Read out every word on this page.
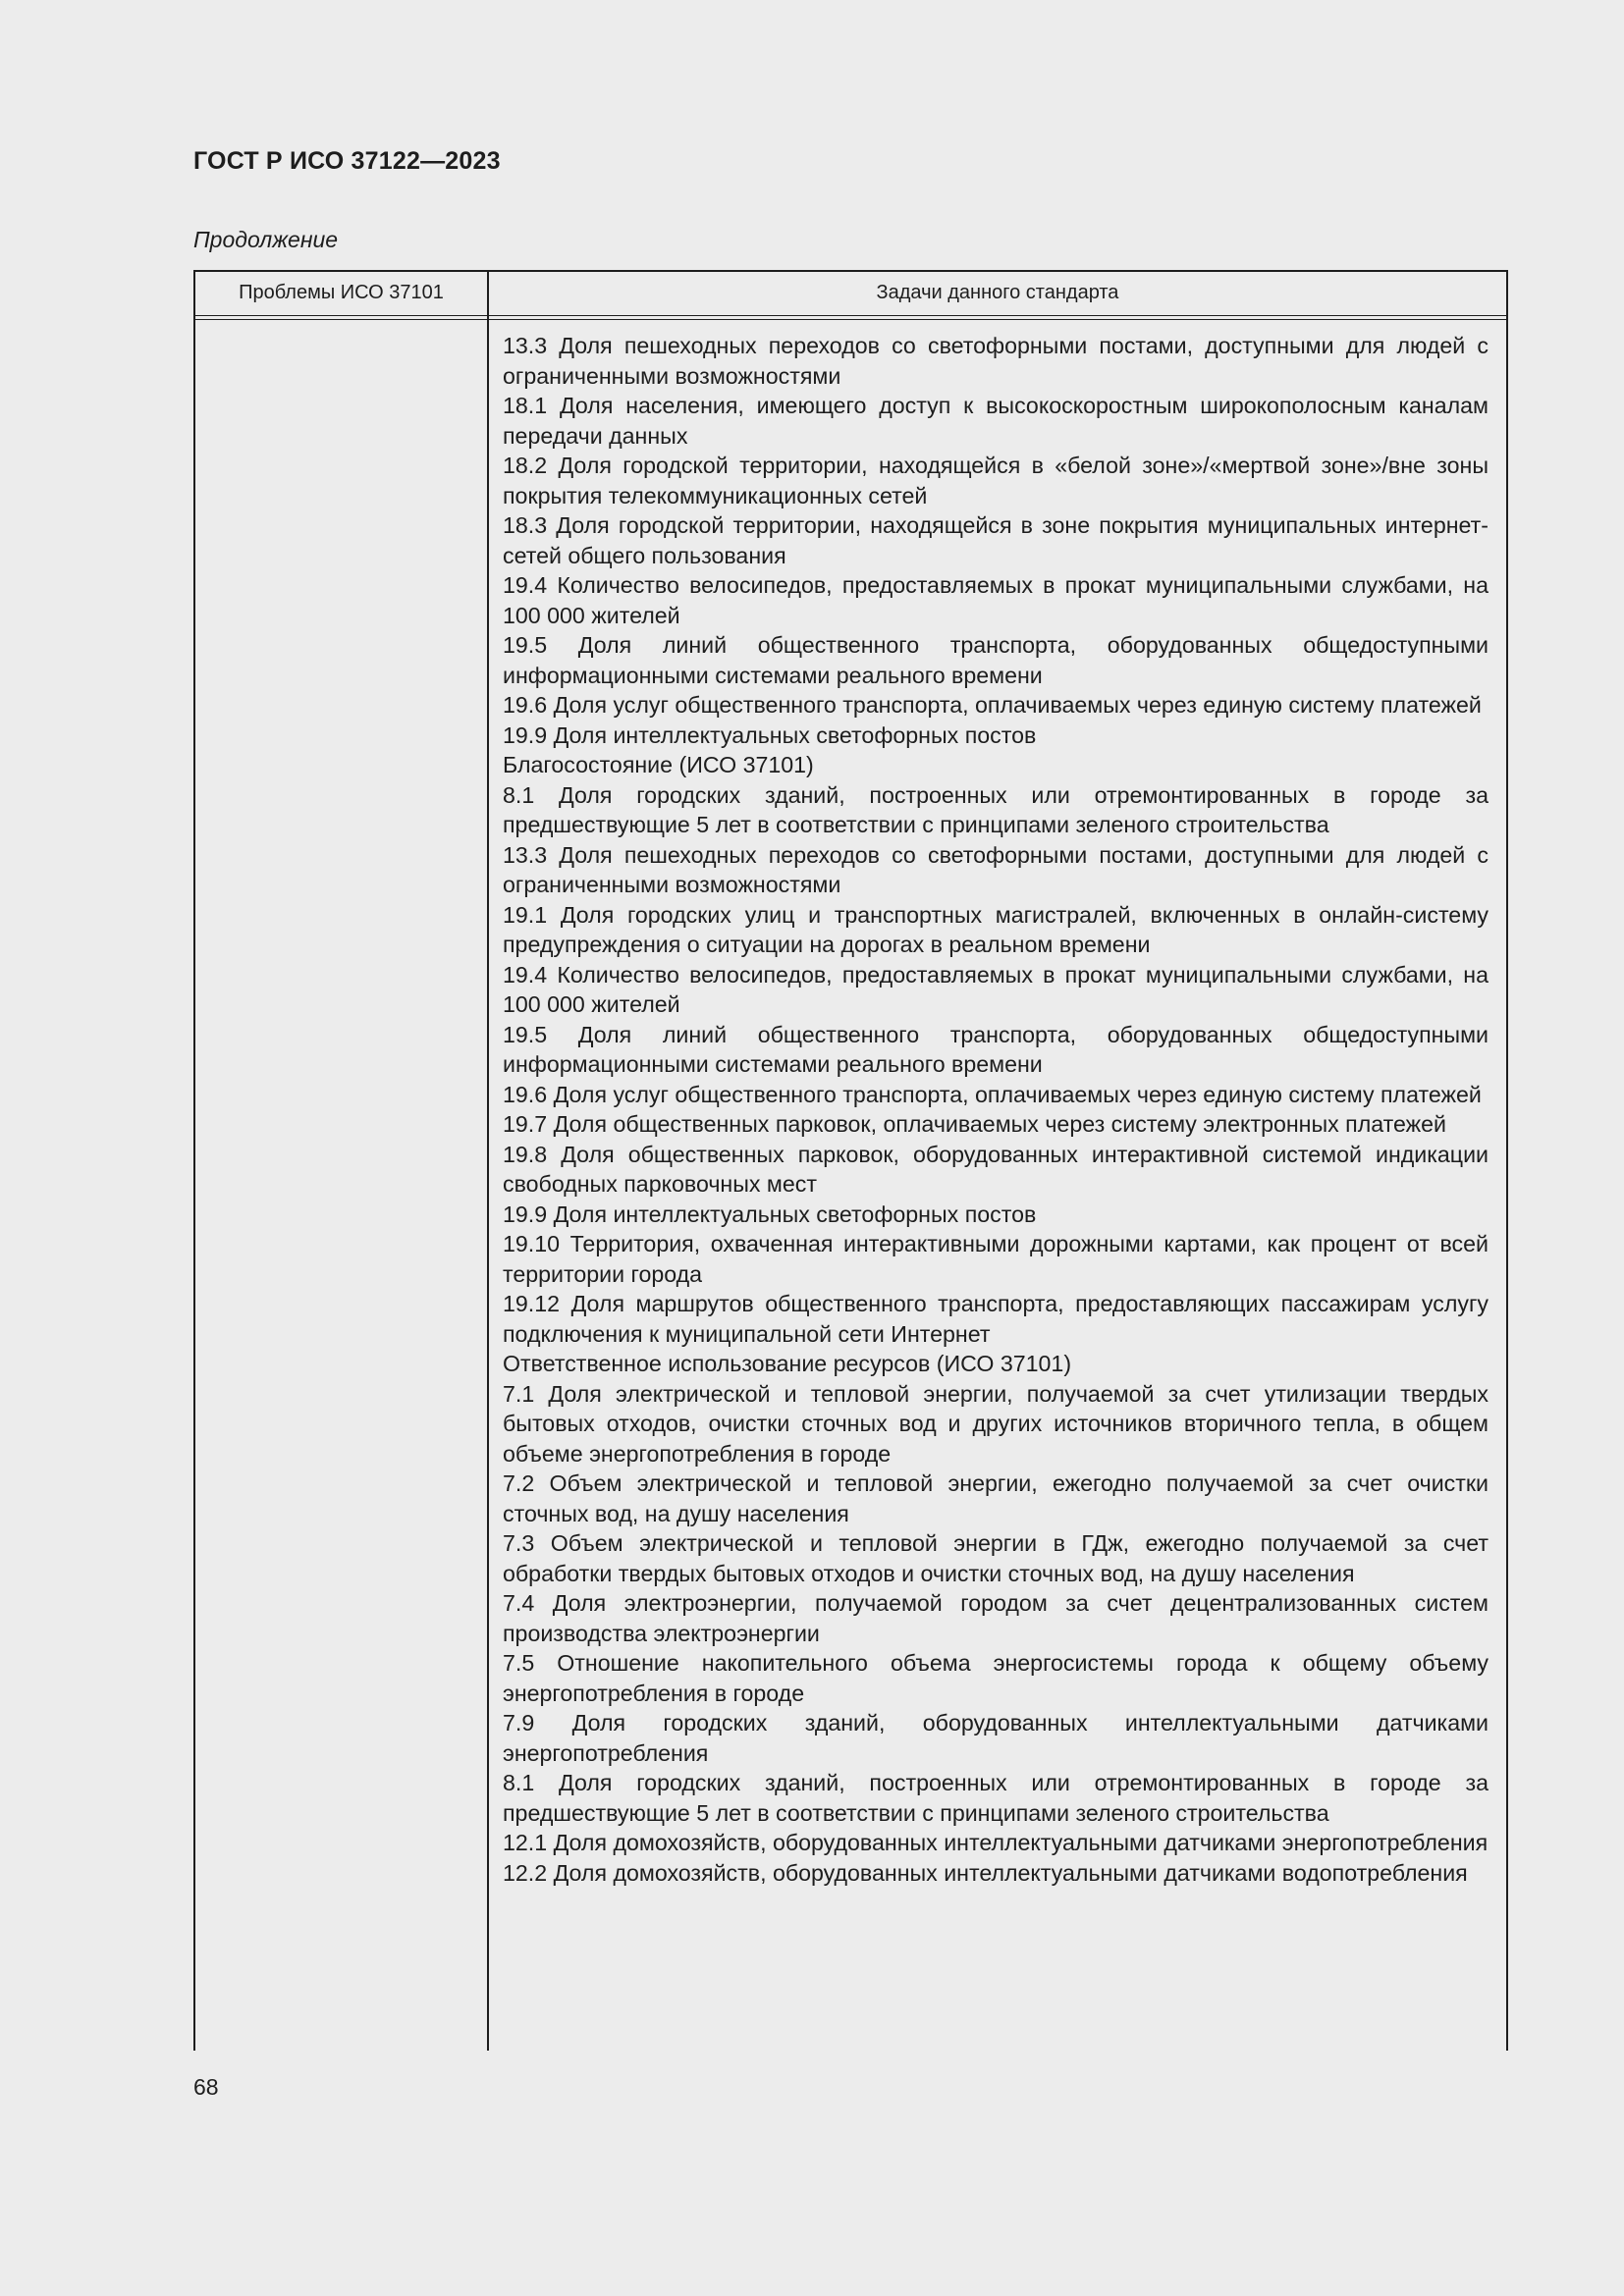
ГОСТ Р ИСО 37122—2023
Продолжение
Проблемы ИСО 37101	Задачи данного стандарта

13.3 Доля пешеходных переходов со светофорными постами, доступными для людей с ограниченными возможностями

18.1 Доля населения, имеющего доступ к высокоскоростным широкополосным каналам передачи данных

18.2 Доля городской территории, находящейся в «белой зоне»/«мертвой зоне»/вне зоны покрытия телекоммуникационных сетей

18.3 Доля городской территории, находящейся в зоне покрытия муниципальных интернет-сетей общего пользования

19.4 Количество велосипедов, предоставляемых в прокат муниципальными службами, на 100 000 жителей

19.5 Доля линий общественного транспорта, оборудованных общедоступными информационными системами реального времени

19.6 Доля услуг общественного транспорта, оплачиваемых через единую систему платежей

19.9 Доля интеллектуальных светофорных постов

Благосостояние (ИСО 37101)

8.1 Доля городских зданий, построенных или отремонтированных в городе за предшествующие 5 лет в соответствии с принципами зеленого строительства

13.3 Доля пешеходных переходов со светофорными постами, доступными для людей с ограниченными возможностями

19.1 Доля городских улиц и транспортных магистралей, включенных в онлайн-систему предупреждения о ситуации на дорогах в реальном времени

19.4 Количество велосипедов, предоставляемых в прокат муниципальными службами, на 100 000 жителей

19.5 Доля линий общественного транспорта, оборудованных общедоступными информационными системами реального времени

19.6 Доля услуг общественного транспорта, оплачиваемых через единую систему платежей

19.7 Доля общественных парковок, оплачиваемых через систему электронных платежей

19.8 Доля общественных парковок, оборудованных интерактивной системой индикации свободных парковочных мест

19.9 Доля интеллектуальных светофорных постов

19.10 Территория, охваченная интерактивными дорожными картами, как процент от всей территории города

19.12 Доля маршрутов общественного транспорта, предоставляющих пассажирам услугу подключения к муниципальной сети Интернет

Ответственное использование ресурсов (ИСО 37101)

7.1 Доля электрической и тепловой энергии, получаемой за счет утилизации твердых бытовых отходов, очистки сточных вод и других источников вторичного тепла, в общем объеме энергопотребления в городе

7.2 Объем электрической и тепловой энергии, ежегодно получаемой за счет очистки сточных вод, на душу населения

7.3 Объем электрической и тепловой энергии в ГДж, ежегодно получаемой за счет обработки твердых бытовых отходов и очистки сточных вод, на душу населения

7.4 Доля электроэнергии, получаемой городом за счет децентрализованных систем производства электроэнергии

7.5 Отношение накопительного объема энергосистемы города к общему объему энергопотребления в городе

7.9 Доля городских зданий, оборудованных интеллектуальными датчиками энергопотребления

8.1 Доля городских зданий, построенных или отремонтированных в городе за предшествующие 5 лет в соответствии с принципами зеленого строительства

12.1 Доля домохозяйств, оборудованных интеллектуальными датчиками энергопотребления

12.2 Доля домохозяйств, оборудованных интеллектуальными датчиками водопотребления

68
